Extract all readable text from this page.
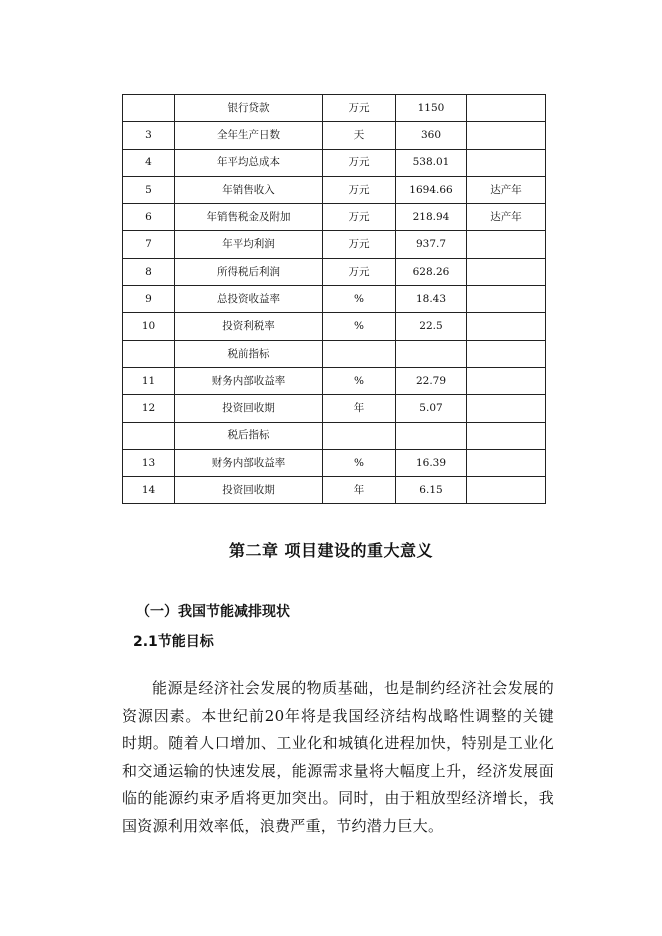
	银行贷款	万元	1150	
3	全年生产日数	天	360	
4	年平均总成本	万元	538.01	
5	年销售收入	万元	1694.66	达产年
6	年销售税金及附加	万元	218.94	达产年
7	年平均利润	万元	937.7	
8	所得税后利润	万元	628.26	
9	总投资收益率	%	18.43	
10	投资利税率	%	22.5	
	税前指标			
11	财务内部收益率	%	22.79	
12	投资回收期	年	5.07	
	税后指标			
13	财务内部收益率	%	16.39	
14	投资回收期	年	6.15	
第二章 项目建设的重大意义
（一）我国节能减排现状
2.1节能目标

能源是经济社会发展的物质基础，也是制约经济社会发展的资源因素。本世纪前20年将是我国经济结构战略性调整的关键时期。随着人口增加、工业化和城镇化进程加快，特别是工业化和交通运输的快速发展，能源需求量将大幅度上升，经济发展面临的能源约束矛盾将更加突出。同时，由于粗放型经济增长，我国资源利用效率低，浪费严重，节约潜力巨大。
